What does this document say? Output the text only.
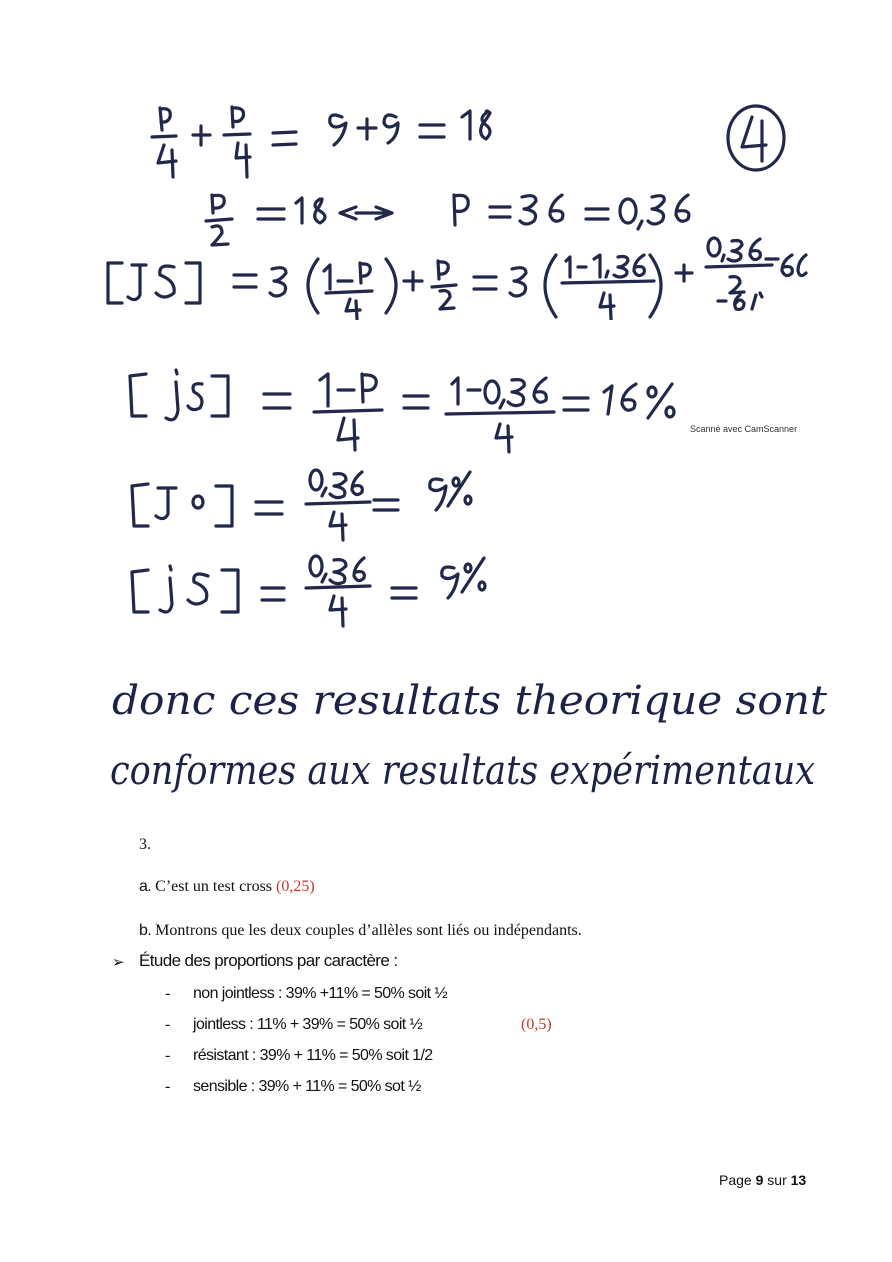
Scanné avec CamScanner
donc ces resultats theorique sont
conformes aux resultats expérimentaux
3.
a. C’est un test cross (0,25)
b. Montrons que les deux couples d’allèles sont liés ou indépendants.
➢ Étude des proportions par caractère :
- non jointless : 39% +11% = 50% soit ½
- jointless : 11% + 39% = 50% soit ½	(0,5)
- résistant : 39% + 11% = 50% soit 1/2
- sensible : 39% + 11% = 50% sot ½
Page 9 sur 13
